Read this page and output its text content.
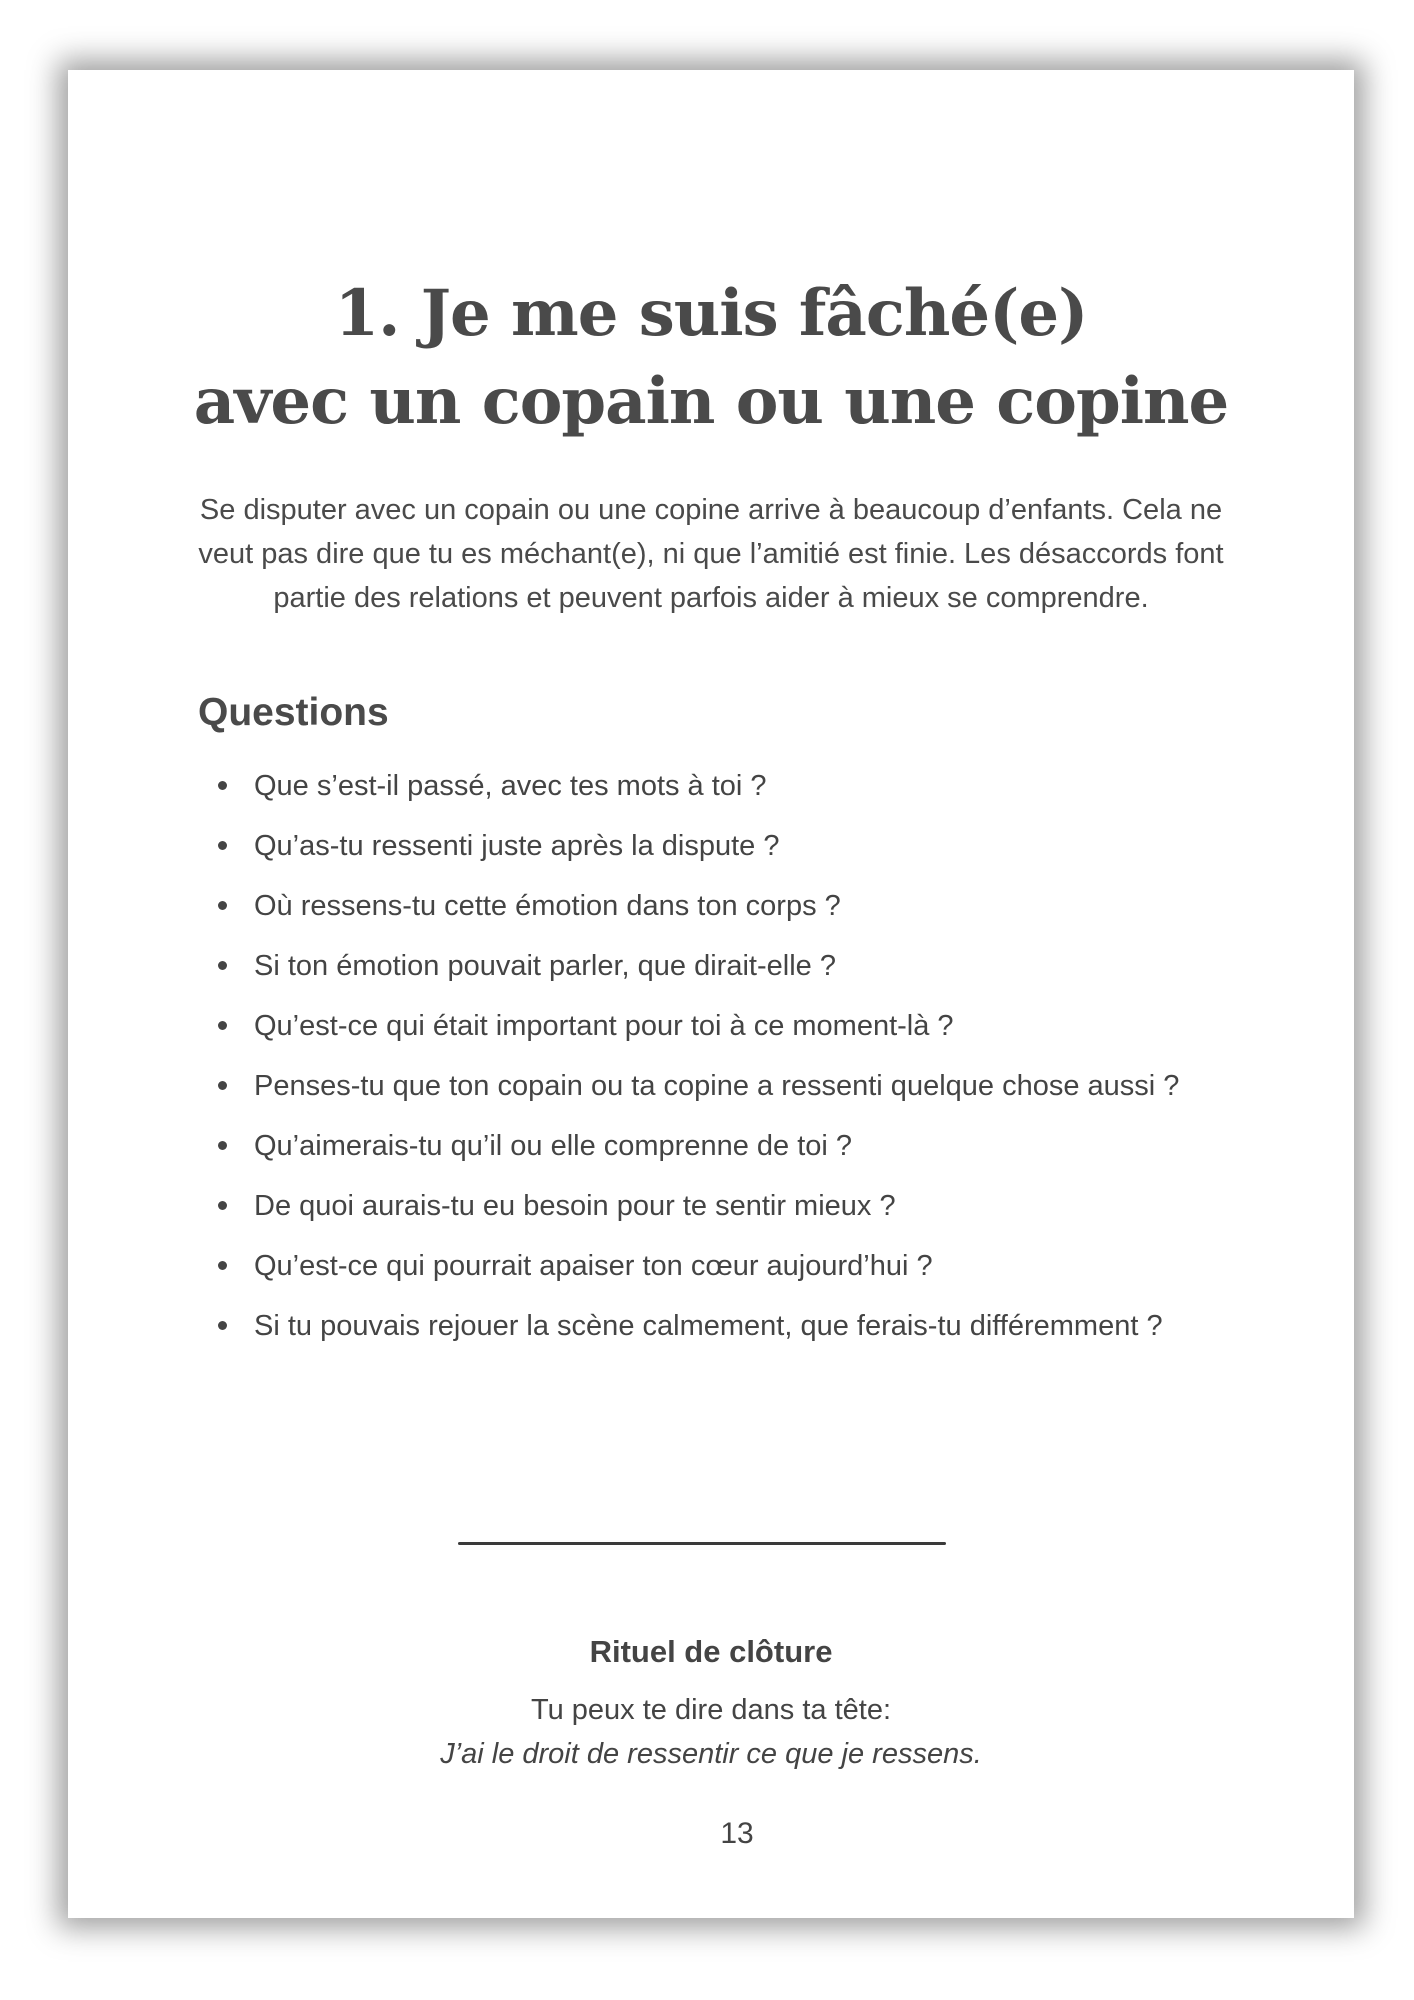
1. Je me suis fâché(e)
avec un copain ou une copine

Se disputer avec un copain ou une copine arrive à beaucoup d’enfants. Cela ne veut pas dire que tu es méchant(e), ni que l’amitié est finie. Les désaccords font partie des relations et peuvent parfois aider à mieux se comprendre.

Questions
Que s’est-il passé, avec tes mots à toi ?
Qu’as-tu ressenti juste après la dispute ?
Où ressens-tu cette émotion dans ton corps ?
Si ton émotion pouvait parler, que dirait-elle ?
Qu’est-ce qui était important pour toi à ce moment-là ?
Penses-tu que ton copain ou ta copine a ressenti quelque chose aussi ?
Qu’aimerais-tu qu’il ou elle comprenne de toi ?
De quoi aurais-tu eu besoin pour te sentir mieux ?
Qu’est-ce qui pourrait apaiser ton cœur aujourd’hui ?
Si tu pouvais rejouer la scène calmement, que ferais-tu différemment ?
Rituel de clôture

Tu peux te dire dans ta tête:

J’ai le droit de ressentir ce que je ressens.

13
